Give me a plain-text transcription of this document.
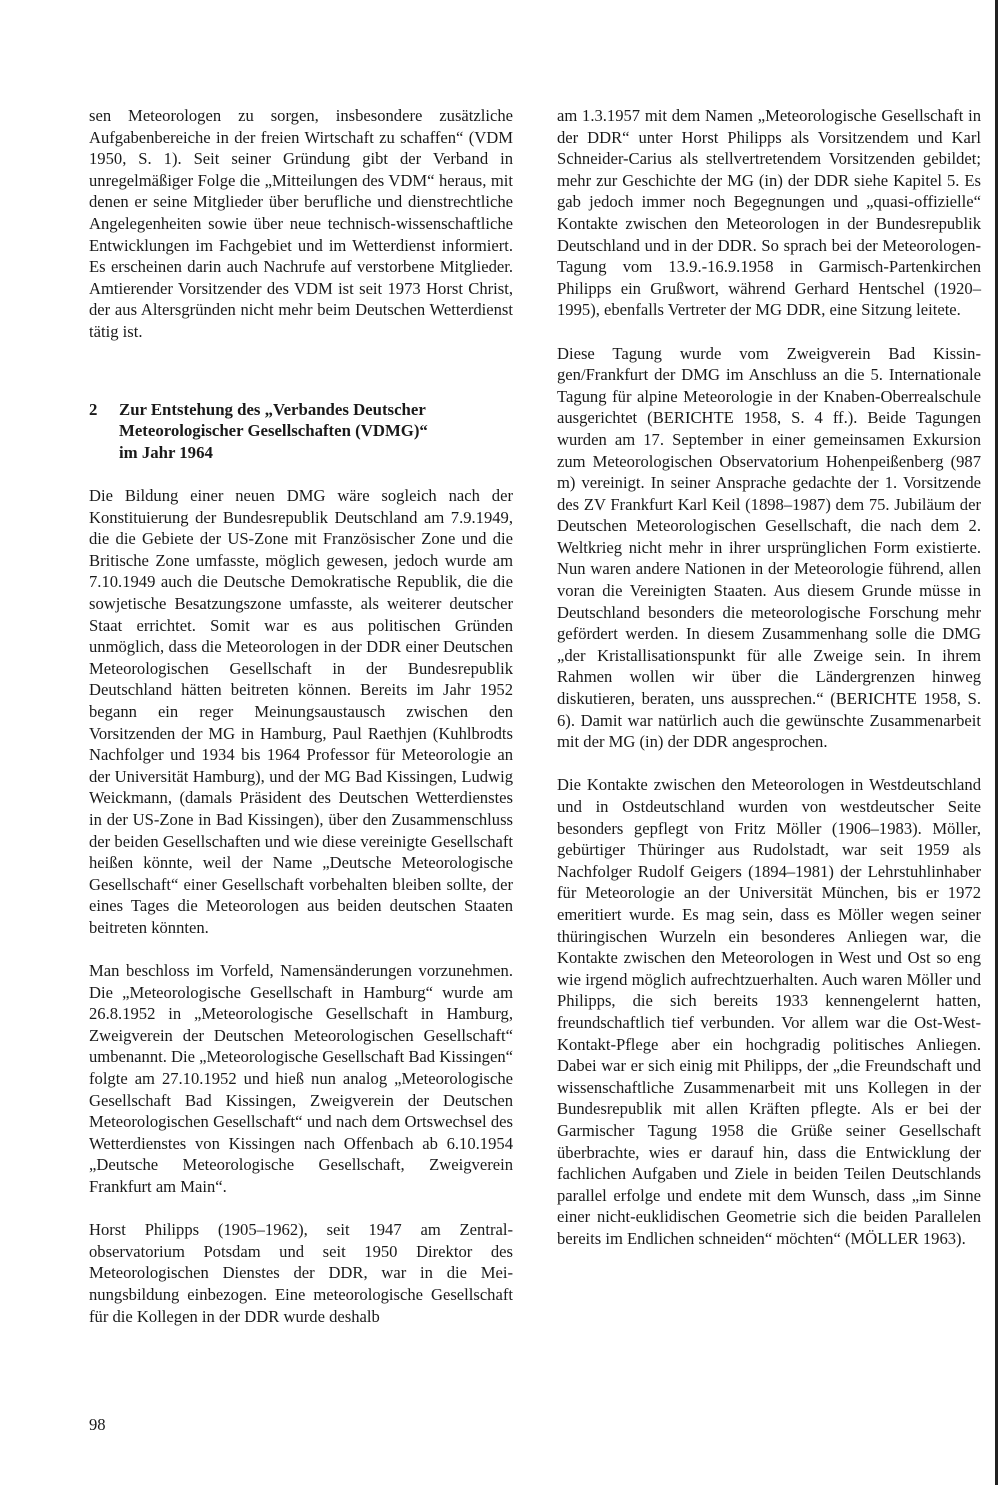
sen Meteorologen zu sorgen, insbesondere zusätzliche Aufgabenbereiche in der freien Wirtschaft zu schaffen“ (VDM 1950, S. 1). Seit seiner Gründung gibt der Verband in unregelmäßiger Folge die „Mitteilungen des VDM“ heraus, mit denen er seine Mitglieder über berufliche und dienstrechtliche Angelegenheiten sowie über neue technisch-wissenschaftliche Entwicklungen im Fachgebiet und im Wetterdienst informiert. Es erscheinen darin auch Nachrufe auf verstorbene Mitglieder. Amtierender Vorsitzender des VDM ist seit 1973 Horst Christ, der aus Altersgründen nicht mehr beim Deutschen Wetterdienst tätig ist.

2	Zur Entstehung des „Verbandes Deutscher
Meteorologischer Gesellschaften (VDMG)“
im Jahr 1964

Die Bildung einer neuen DMG wäre sogleich nach der Konstituierung der Bundesrepublik Deutschland am 7.9.1949, die die Gebiete der US-Zone mit Französischer Zone und die Britische Zone umfasste, möglich gewesen, jedoch wurde am 7.10.1949 auch die Deutsche Demokratische Republik, die die sowjetische Besatzungszone umfasste, als weiterer deutscher Staat errichtet. Somit war es aus politischen Gründen unmöglich, dass die Meteorologen in der DDR einer Deutschen Meteorologischen Gesellschaft in der Bundesrepublik Deutschland hätten beitreten können. Bereits im Jahr 1952 begann ein reger Meinungsaustausch zwischen den Vorsitzenden der MG in Hamburg, Paul Raethjen (Kuhlbrodts Nachfolger und 1934 bis 1964 Professor für Meteorologie an der Universität Hamburg), und der MG Bad Kissingen, Ludwig Weickmann, (damals Präsident des Deutschen Wetterdienstes in der US-Zone in Bad Kissingen), über den Zusammenschluss der beiden Gesellschaften und wie diese vereinigte Gesellschaft heißen könnte, weil der Name „Deutsche Meteorologische Gesellschaft“ einer Gesellschaft vorbehalten bleiben sollte, der eines Tages die Meteorologen aus beiden deutschen Staaten beitreten könnten.

Man beschloss im Vorfeld, Namensänderungen vorzunehmen. Die „Meteorologische Gesellschaft in Hamburg“ wurde am 26.8.1952 in „Meteorologische Gesellschaft in Hamburg, Zweigverein der Deutschen Meteorologischen Gesellschaft“ umbenannt. Die „Meteorologische Gesellschaft Bad Kissingen“ folgte am 27.10.1952 und hieß nun analog „Meteorologische Gesellschaft Bad Kissingen, Zweigverein der Deutschen Meteorologischen Gesellschaft“ und nach dem Ortswechsel des Wetterdienstes von Kissingen nach Offenbach ab 6.10.1954 „Deutsche Meteorologische Gesellschaft, Zweigverein Frankfurt am Main“.

Horst Philipps (1905–1962), seit 1947 am Zentralobservatorium Potsdam und seit 1950 Direktor des Meteorologischen Dienstes der DDR, war in die Meinungsbildung einbezogen. Eine meteorologische Gesellschaft für die Kollegen in der DDR wurde deshalb

am 1.3.1957 mit dem Namen „Meteorologische Gesellschaft in der DDR“ unter Horst Philipps als Vorsitzendem und Karl Schneider-Carius als stellvertretendem Vorsitzenden gebildet; mehr zur Geschichte der MG (in) der DDR siehe Kapitel 5. Es gab jedoch immer noch Begegnungen und „quasi-offizielle“ Kontakte zwischen den Meteorologen in der Bundesrepublik Deutschland und in der DDR. So sprach bei der Meteorologen-Tagung vom 13.9.-16.9.1958 in Garmisch-Partenkirchen Philipps ein Grußwort, während Gerhard Hentschel (1920–1995), ebenfalls Vertreter der MG DDR, eine Sitzung leitete.

Diese Tagung wurde vom Zweigverein Bad Kissingen/Frankfurt der DMG im Anschluss an die 5. Internationale Tagung für alpine Meteorologie in der Knaben-Oberrealschule ausgerichtet (BERICHTE 1958, S. 4 ff.). Beide Tagungen wurden am 17. September in einer gemeinsamen Exkursion zum Meteorologischen Observatorium Hohenpeißenberg (987 m) vereinigt. In seiner Ansprache gedachte der 1. Vorsitzende des ZV Frankfurt Karl Keil (1898–1987) dem 75. Jubiläum der Deutschen Meteorologischen Gesellschaft, die nach dem 2. Weltkrieg nicht mehr in ihrer ursprünglichen Form existierte. Nun waren andere Nationen in der Meteorologie führend, allen voran die Vereinigten Staaten. Aus diesem Grunde müsse in Deutschland besonders die meteorologische Forschung mehr gefördert werden. In diesem Zusammenhang solle die DMG „der Kristallisationspunkt für alle Zweige sein. In ihrem Rahmen wollen wir über die Ländergrenzen hinweg diskutieren, beraten, uns aussprechen.“ (BERICHTE 1958, S. 6). Damit war natürlich auch die gewünschte Zusammenarbeit mit der MG (in) der DDR angesprochen.

Die Kontakte zwischen den Meteorologen in Westdeutschland und in Ostdeutschland wurden von westdeutscher Seite besonders gepflegt von Fritz Möller (1906–1983). Möller, gebürtiger Thüringer aus Rudolstadt, war seit 1959 als Nachfolger Rudolf Geigers (1894–1981) der Lehrstuhlinhaber für Meteorologie an der Universität München, bis er 1972 emeritiert wurde. Es mag sein, dass es Möller wegen seiner thüringischen Wurzeln ein besonderes Anliegen war, die Kontakte zwischen den Meteorologen in West und Ost so eng wie irgend möglich aufrechtzuerhalten. Auch waren Möller und Philipps, die sich bereits 1933 kennengelernt hatten, freundschaftlich tief verbunden. Vor allem war die Ost-West-Kontakt-Pflege aber ein hochgradig politisches Anliegen. Dabei war er sich einig mit Philipps, der „die Freundschaft und wissenschaftliche Zusammenarbeit mit uns Kollegen in der Bundesrepublik mit allen Kräften pflegte. Als er bei der Garmischer Tagung 1958 die Grüße seiner Gesellschaft überbrachte, wies er darauf hin, dass die Entwicklung der fachlichen Aufgaben und Ziele in beiden Teilen Deutschlands parallel erfolge und endete mit dem Wunsch, dass „im Sinne einer nicht-euklidischen Geometrie sich die beiden Parallelen bereits im Endlichen schneiden“ möchten“ (MÖLLER 1963).

98
